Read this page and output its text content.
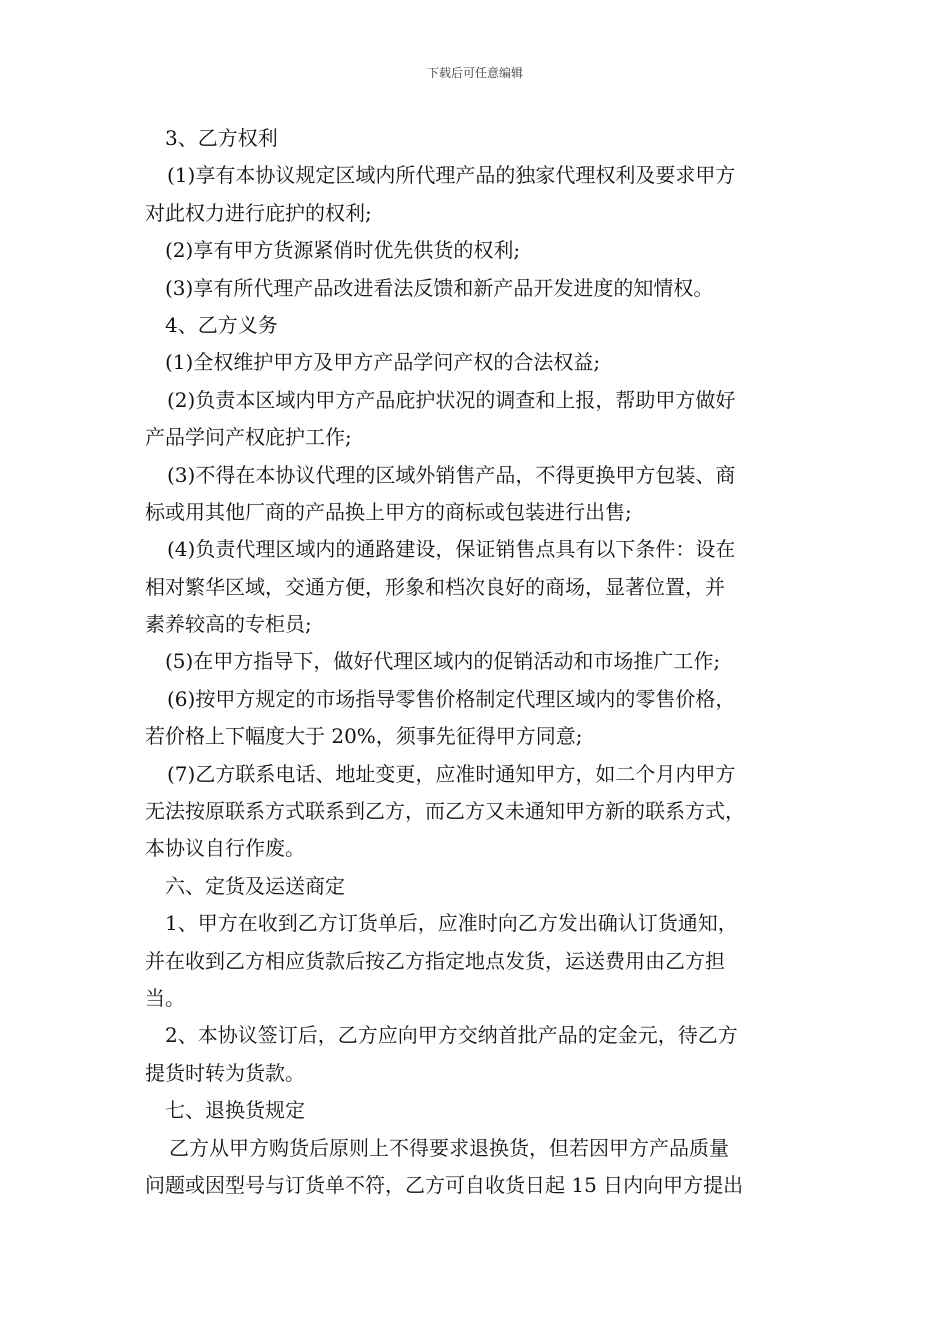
下载后可任意编辑
3、乙方权利
(1)享有本协议规定区域内所代理产品的独家代理权利及要求甲方
对此权力进行庇护的权利;
(2)享有甲方货源紧俏时优先供货的权利;
(3)享有所代理产品改进看法反馈和新产品开发进度的知情权。
4、乙方义务
(1)全权维护甲方及甲方产品学问产权的合法权益;
(2)负责本区域内甲方产品庇护状况的调查和上报，帮助甲方做好
产品学问产权庇护工作;
(3)不得在本协议代理的区域外销售产品，不得更换甲方包装、商
标或用其他厂商的产品换上甲方的商标或包装进行出售;
(4)负责代理区域内的通路建设，保证销售点具有以下条件：设在
相对繁华区域，交通方便，形象和档次良好的商场，显著位置，并
素养较高的专柜员;
(5)在甲方指导下，做好代理区域内的促销活动和市场推广工作;
(6)按甲方规定的市场指导零售价格制定代理区域内的零售价格，
若价格上下幅度大于 20%，须事先征得甲方同意;
(7)乙方联系电话、地址变更，应准时通知甲方，如二个月内甲方
无法按原联系方式联系到乙方，而乙方又未通知甲方新的联系方式，
本协议自行作废。
六、定货及运送商定
1、甲方在收到乙方订货单后，应准时向乙方发出确认订货通知，
并在收到乙方相应货款后按乙方指定地点发货，运送费用由乙方担
当。
2、本协议签订后，乙方应向甲方交纳首批产品的定金元，待乙方
提货时转为货款。
七、退换货规定
乙方从甲方购货后原则上不得要求退换货，但若因甲方产品质量
问题或因型号与订货单不符，乙方可自收货日起 15 日内向甲方提出
